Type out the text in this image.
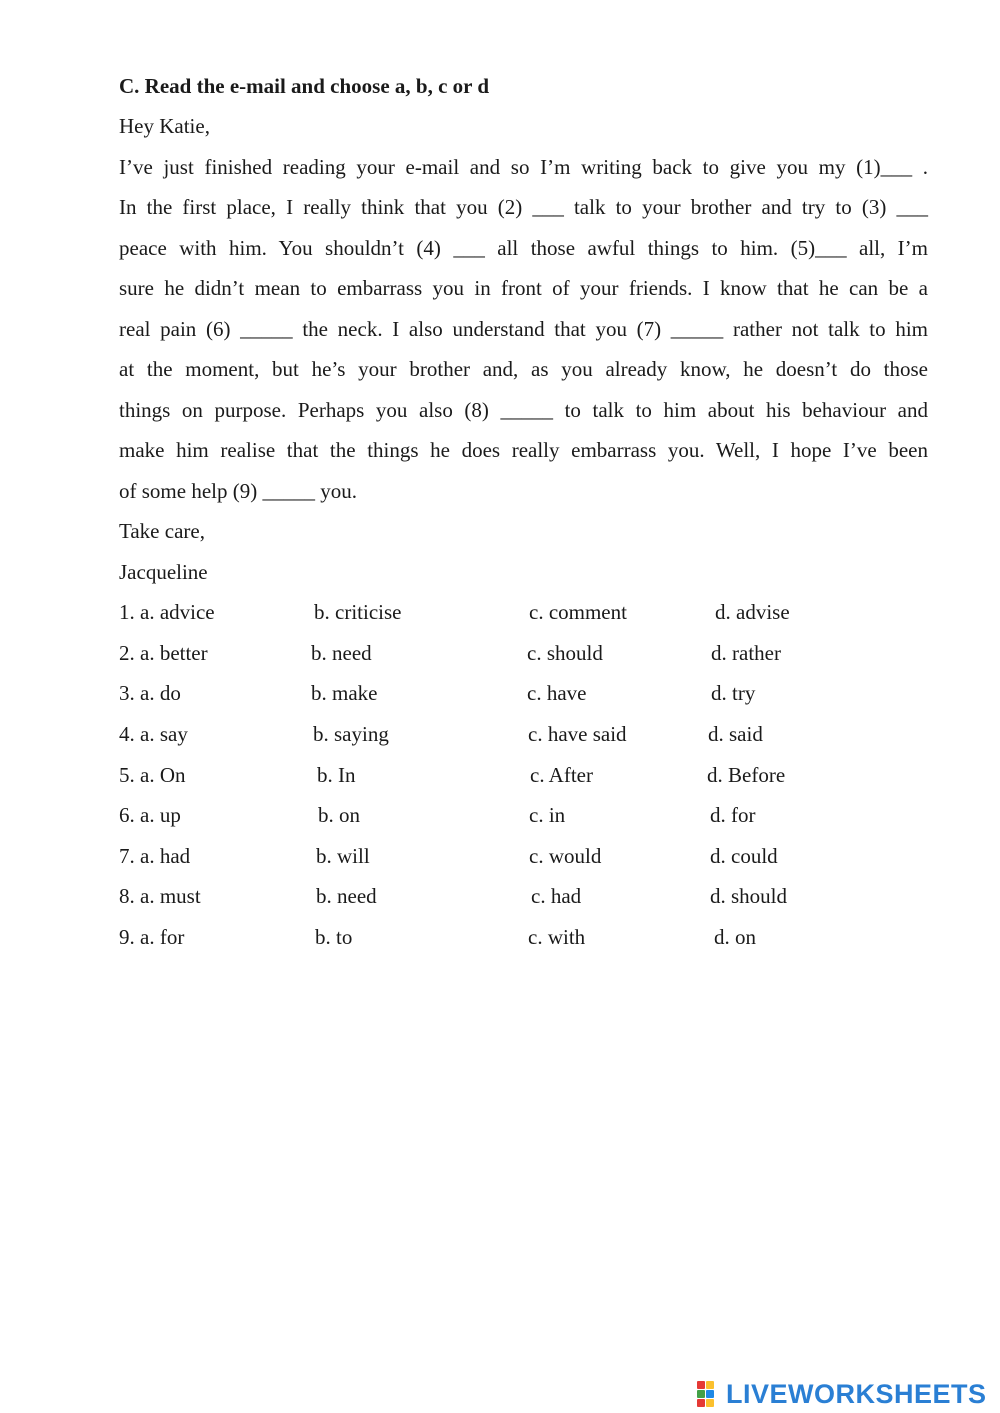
C. Read the e-mail and choose a, b, c or d
Hey Katie,
I’ve just finished reading your e-mail and so I’m writing back to give you my (1)___ .
In the first place, I really think that you (2) ___ talk to your brother and try to (3) ___
peace with him. You shouldn’t (4) ___ all those awful things to him. (5)___ all, I’m
sure he didn’t mean to embarrass you in front of your friends. I know that he can be a
real pain (6) _____ the neck. I also understand that you (7) _____ rather not talk to him
at the moment, but he’s your brother and, as you already know, he doesn’t do those
things on purpose. Perhaps you also (8) _____ to talk to him about his behaviour and
make him realise that the things he does really embarrass you. Well, I hope I’ve been
of some help (9) _____ you.
Take care,
Jacqueline
1. a. advice	b. criticise	c. comment	d. advise
2. a. better	b. need	c. should	d. rather
3. a. do	b. make	c. have	d. try
4. a. say	b. saying	c. have said	d. said
5. a. On	b. In	c. After	d. Before
6. a. up	b. on	c. in	d. for
7. a. had	b. will	c. would	d. could
8. a. must	b. need	c. had	d. should
9. a. for	b. to	c. with	d. on
LIVEWORKSHEETS
